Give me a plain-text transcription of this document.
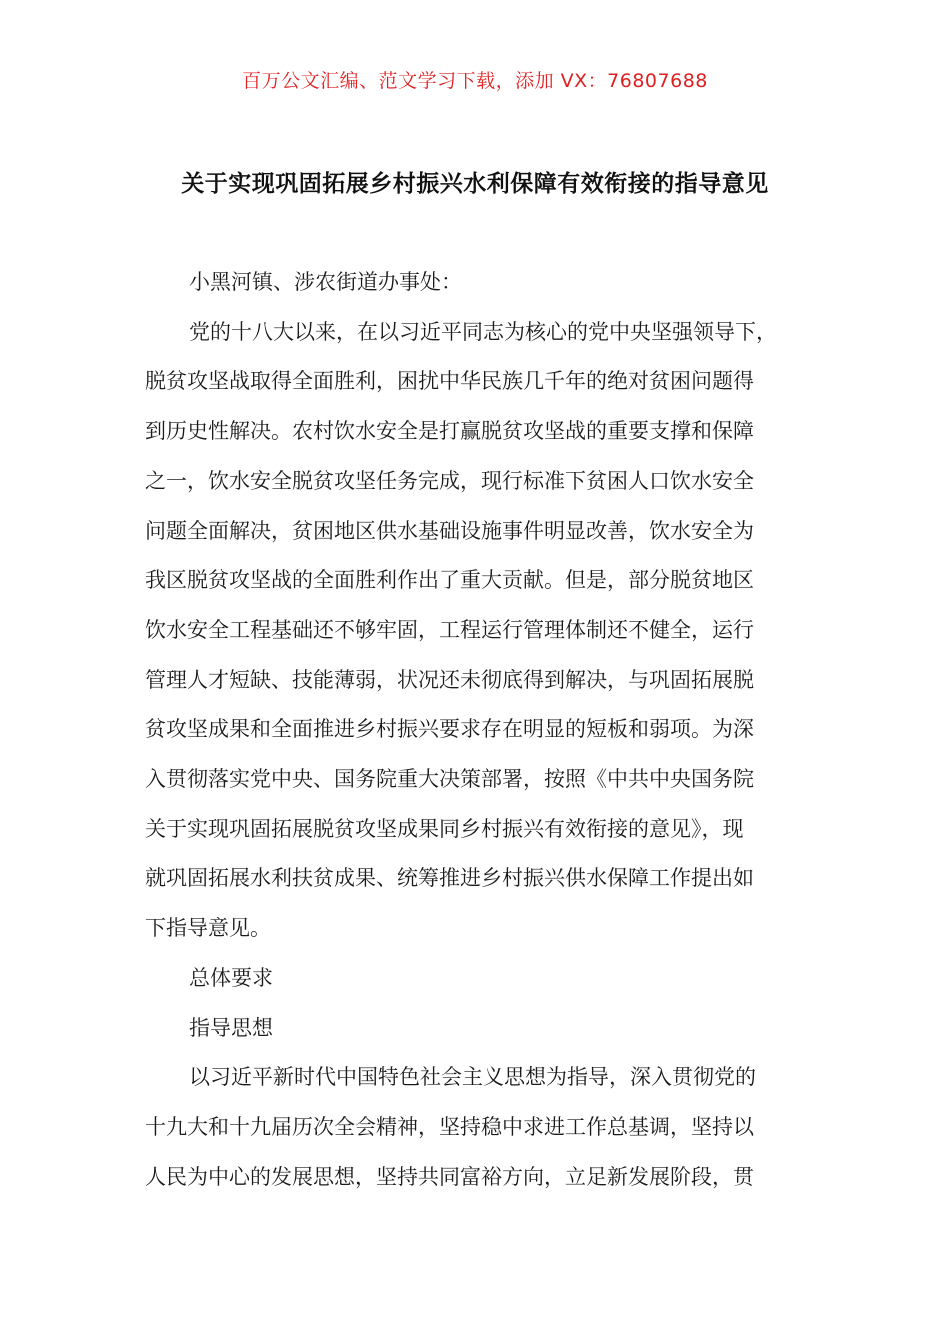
百万公文汇编、范文学习下载，添加 VX：76807688
关于实现巩固拓展乡村振兴水利保障有效衔接的指导意见

小黑河镇、涉农街道办事处：

党的十八大以来，在以习近平同志为核心的党中央坚强领导下，
脱贫攻坚战取得全面胜利，困扰中华民族几千年的绝对贫困问题得
到历史性解决。农村饮水安全是打赢脱贫攻坚战的重要支撑和保障
之一，饮水安全脱贫攻坚任务完成，现行标准下贫困人口饮水安全
问题全面解决，贫困地区供水基础设施事件明显改善，饮水安全为
我区脱贫攻坚战的全面胜利作出了重大贡献。但是，部分脱贫地区
饮水安全工程基础还不够牢固，工程运行管理体制还不健全，运行
管理人才短缺、技能薄弱，状况还未彻底得到解决，与巩固拓展脱
贫攻坚成果和全面推进乡村振兴要求存在明显的短板和弱项。为深
入贯彻落实党中央、国务院重大决策部署，按照《中共中央国务院
关于实现巩固拓展脱贫攻坚成果同乡村振兴有效衔接的意见》，现
就巩固拓展水利扶贫成果、统筹推进乡村振兴供水保障工作提出如
下指导意见。

总体要求

指导思想

以习近平新时代中国特色社会主义思想为指导，深入贯彻党的
十九大和十九届历次全会精神，坚持稳中求进工作总基调，坚持以
人民为中心的发展思想，坚持共同富裕方向，立足新发展阶段，贯
